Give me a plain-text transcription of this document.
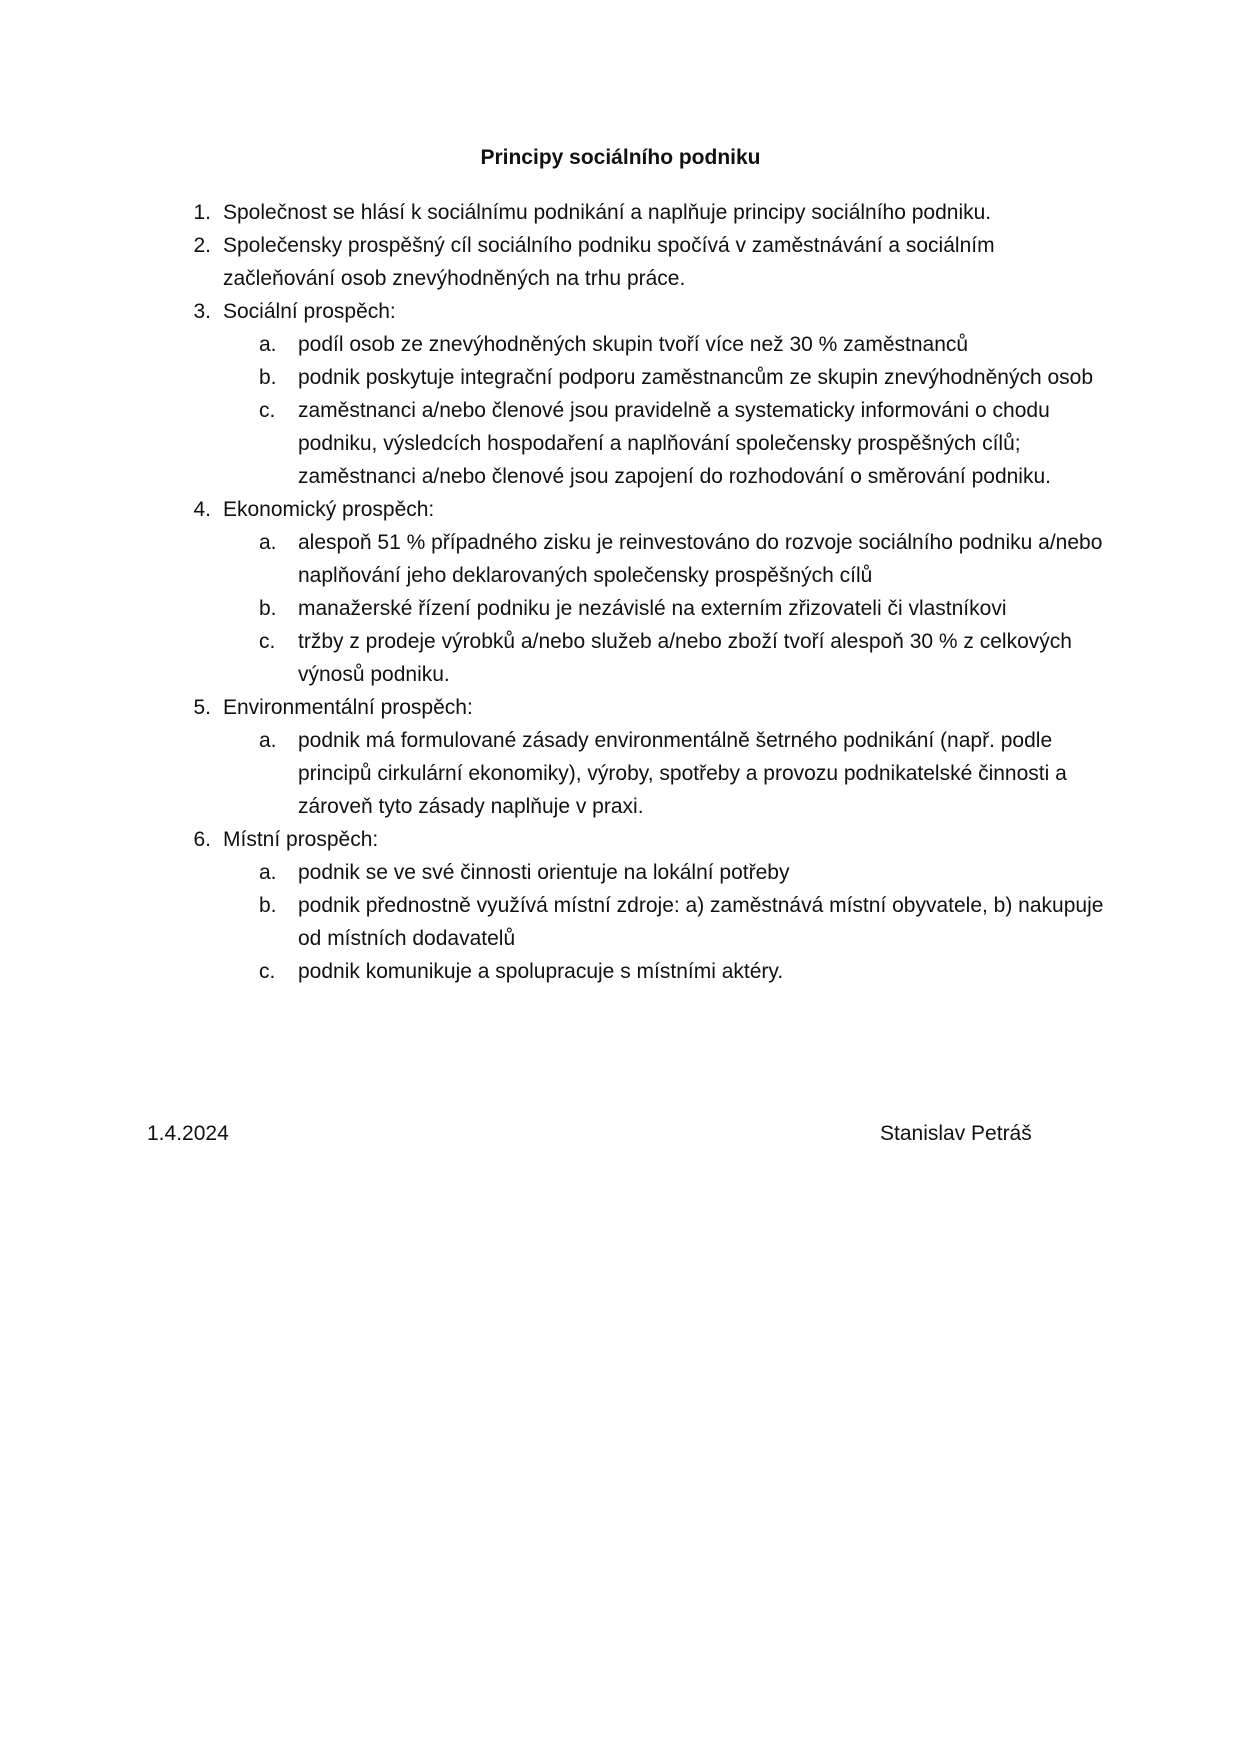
Principy sociálního podniku
1. Společnost se hlásí k sociálnímu podnikání a naplňuje principy sociálního podniku.
2. Společensky prospěšný cíl sociálního podniku spočívá v zaměstnávání a sociálním začleňování osob znevýhodněných na trhu práce.
3. Sociální prospěch:
a. podíl osob ze znevýhodněných skupin tvoří více než 30 % zaměstnanců
b. podnik poskytuje integrační podporu zaměstnancům ze skupin znevýhodněných osob
c. zaměstnanci a/nebo členové jsou pravidelně a systematicky informováni o chodu podniku, výsledcích hospodaření a naplňování společensky prospěšných cílů; zaměstnanci a/nebo členové jsou zapojení do rozhodování o směrování podniku.
4. Ekonomický prospěch:
a. alespoň 51 % případného zisku je reinvestováno do rozvoje sociálního podniku a/nebo naplňování jeho deklarovaných společensky prospěšných cílů
b. manažerské řízení podniku je nezávislé na externím zřizovateli či vlastníkovi
c. tržby z prodeje výrobků a/nebo služeb a/nebo zboží tvoří alespoň 30 % z celkových výnosů podniku.
5. Environmentální prospěch:
a. podnik má formulované zásady environmentálně šetrného podnikání (např. podle principů cirkulární ekonomiky), výroby, spotřeby a provozu podnikatelské činnosti a zároveň tyto zásady naplňuje v praxi.
6. Místní prospěch:
a. podnik se ve své činnosti orientuje na lokální potřeby
b. podnik přednostně využívá místní zdroje: a) zaměstnává místní obyvatele, b) nakupuje od místních dodavatelů
c. podnik komunikuje a spolupracuje s místními aktéry.
1.4.2024	Stanislav Petráš
